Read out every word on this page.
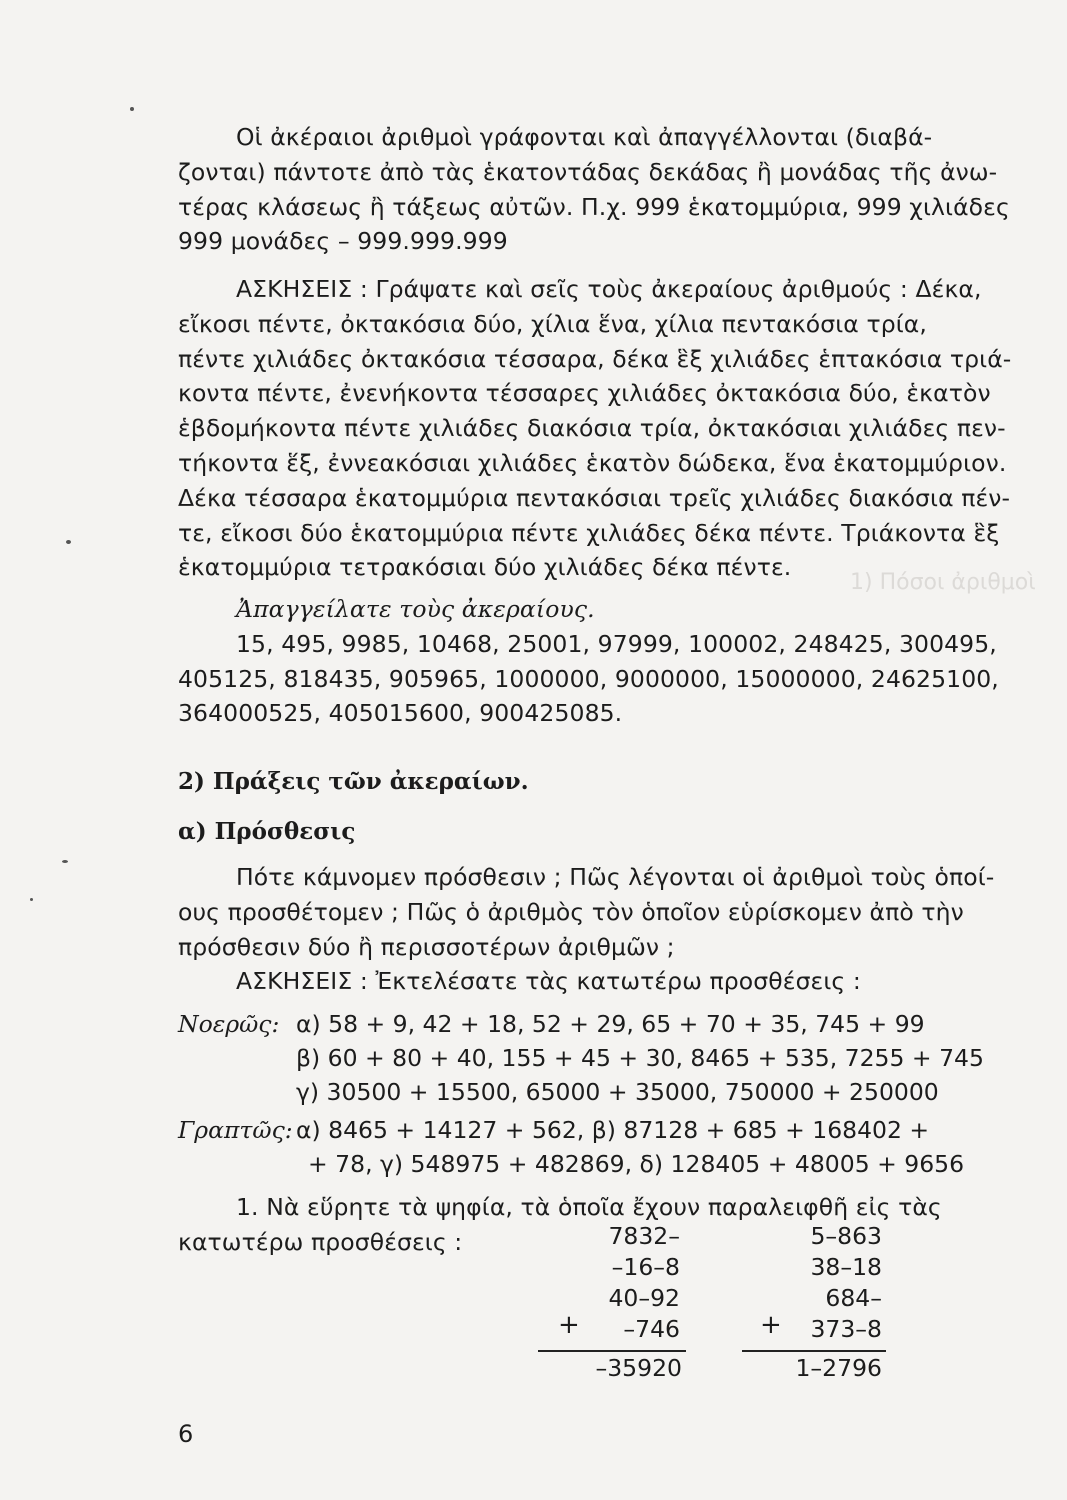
1) Πόσοι ἀριθμοὶ
Οἱ ἀκέραιοι ἀριθμοὶ γράφονται καὶ ἀπαγγέλλονται (διαβά-
ζονται) πάντοτε ἀπὸ τὰς ἑκατοντάδας δεκάδας ἢ μονάδας τῆς ἀνω-
τέρας κλάσεως ἢ τάξεως αὐτῶν. Π.χ. 999 ἑκατομμύρια, 999 χιλιάδες
999 μονάδες – 999.999.999
ΑΣΚΗΣΕΙΣ : Γράψατε καὶ σεῖς τοὺς ἀκεραίους ἀριθμούς : Δέκα,
εἴκοσι πέντε, ὀκτακόσια δύο, χίλια ἕνα, χίλια πεντακόσια τρία,
πέντε χιλιάδες ὀκτακόσια τέσσαρα, δέκα ἓξ χιλιάδες ἑπτακόσια τριά-
κοντα πέντε, ἐνενήκοντα τέσσαρες χιλιάδες ὀκτακόσια δύο, ἑκατὸν
ἑβδομήκοντα πέντε χιλιάδες διακόσια τρία, ὀκτακόσιαι χιλιάδες πεν-
τήκοντα ἕξ, ἐννεακόσιαι χιλιάδες ἑκατὸν δώδεκα, ἕνα ἑκατομμύριον.
Δέκα τέσσαρα ἑκατομμύρια πεντακόσιαι τρεῖς χιλιάδες διακόσια πέν-
τε, εἴκοσι δύο ἑκατομμύρια πέντε χιλιάδες δέκα πέντε. Τριάκοντα ἓξ
ἑκατομμύρια τετρακόσιαι δύο χιλιάδες δέκα πέντε.
Ἀπαγγείλατε τοὺς ἀκεραίους.
15, 495, 9985, 10468, 25001, 97999, 100002, 248425, 300495,
405125, 818435, 905965, 1000000, 9000000, 15000000, 24625100,
364000525, 405015600, 900425085.
2) Πράξεις τῶν ἀκεραίων.
α) Πρόσθεσις
Πότε κάμνομεν πρόσθεσιν ; Πῶς λέγονται οἱ ἀριθμοὶ τοὺς ὁποί-
ους προσθέτομεν ; Πῶς ὁ ἀριθμὸς τὸν ὁποῖον εὑρίσκομεν ἀπὸ τὴν
πρόσθεσιν δύο ἢ περισσοτέρων ἀριθμῶν ;
ΑΣΚΗΣΕΙΣ : Ἐκτελέσατε τὰς κατωτέρω προσθέσεις :
Νοερῶς: α) 58 + 9, 42 + 18, 52 + 29, 65 + 70 + 35, 745 + 99
β) 60 + 80 + 40, 155 + 45 + 30, 8465 + 535, 7255 + 745
γ) 30500 + 15500, 65000 + 35000, 750000 + 250000
Γραπτῶς: α) 8465 + 14127 + 562, β) 87128 + 685 + 168402 +
+ 78, γ) 548975 + 482869, δ) 128405 + 48005 + 9656
1. Νὰ εὕρητε τὰ ψηφία, τὰ ὁποῖα ἔχουν παραλειφθῆ εἰς τὰς
κατωτέρω προσθέσεις :	7832–
–16–8
40–92
–746
+
–35920
5–863
38–18
684–
373–8
+
1–2796
6
